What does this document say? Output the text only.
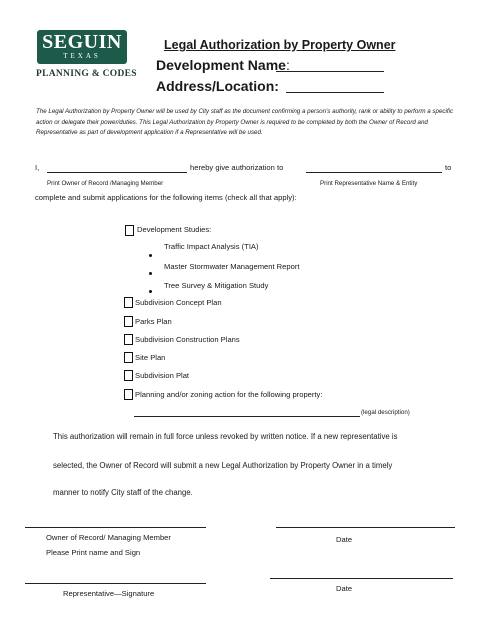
SEGUIN
TEXAS
PLANNING & CODES
Legal Authorization by Property Owner
Development Name:
Address/Location:
The Legal Authorization by Property Owner will be used by City staff as the document confirming a person’s authority, rank or ability to perform a specific action or delegate their power/duties. This Legal Authorization by Property Owner is required to be completed by both the Owner of Record and Representative as part of development application if a Representative will be used.
I,	hereby give authorization to	to
Print Owner of Record /Managing Member	Print Representative Name & Entity
complete and submit applications for the following items (check all that apply):
Development Studies:
Traffic Impact Analysis (TIA)
Master Stormwater Management Report
Tree Survey & Mitigation Study
Subdivision Concept Plan
Parks Plan
Subdivision Construction Plans
Site Plan
Subdivision Plat
Planning and/or zoning action for the following property:
(legal description)
This authorization will remain in full force unless revoked by written notice. If a new representative is
selected, the Owner of Record will submit a new Legal Authorization by Property Owner in a timely
manner to notify City staff of the change.
Owner of Record/ Managing Member
Please Print name and Sign
Date
Representative—Signature
Date
